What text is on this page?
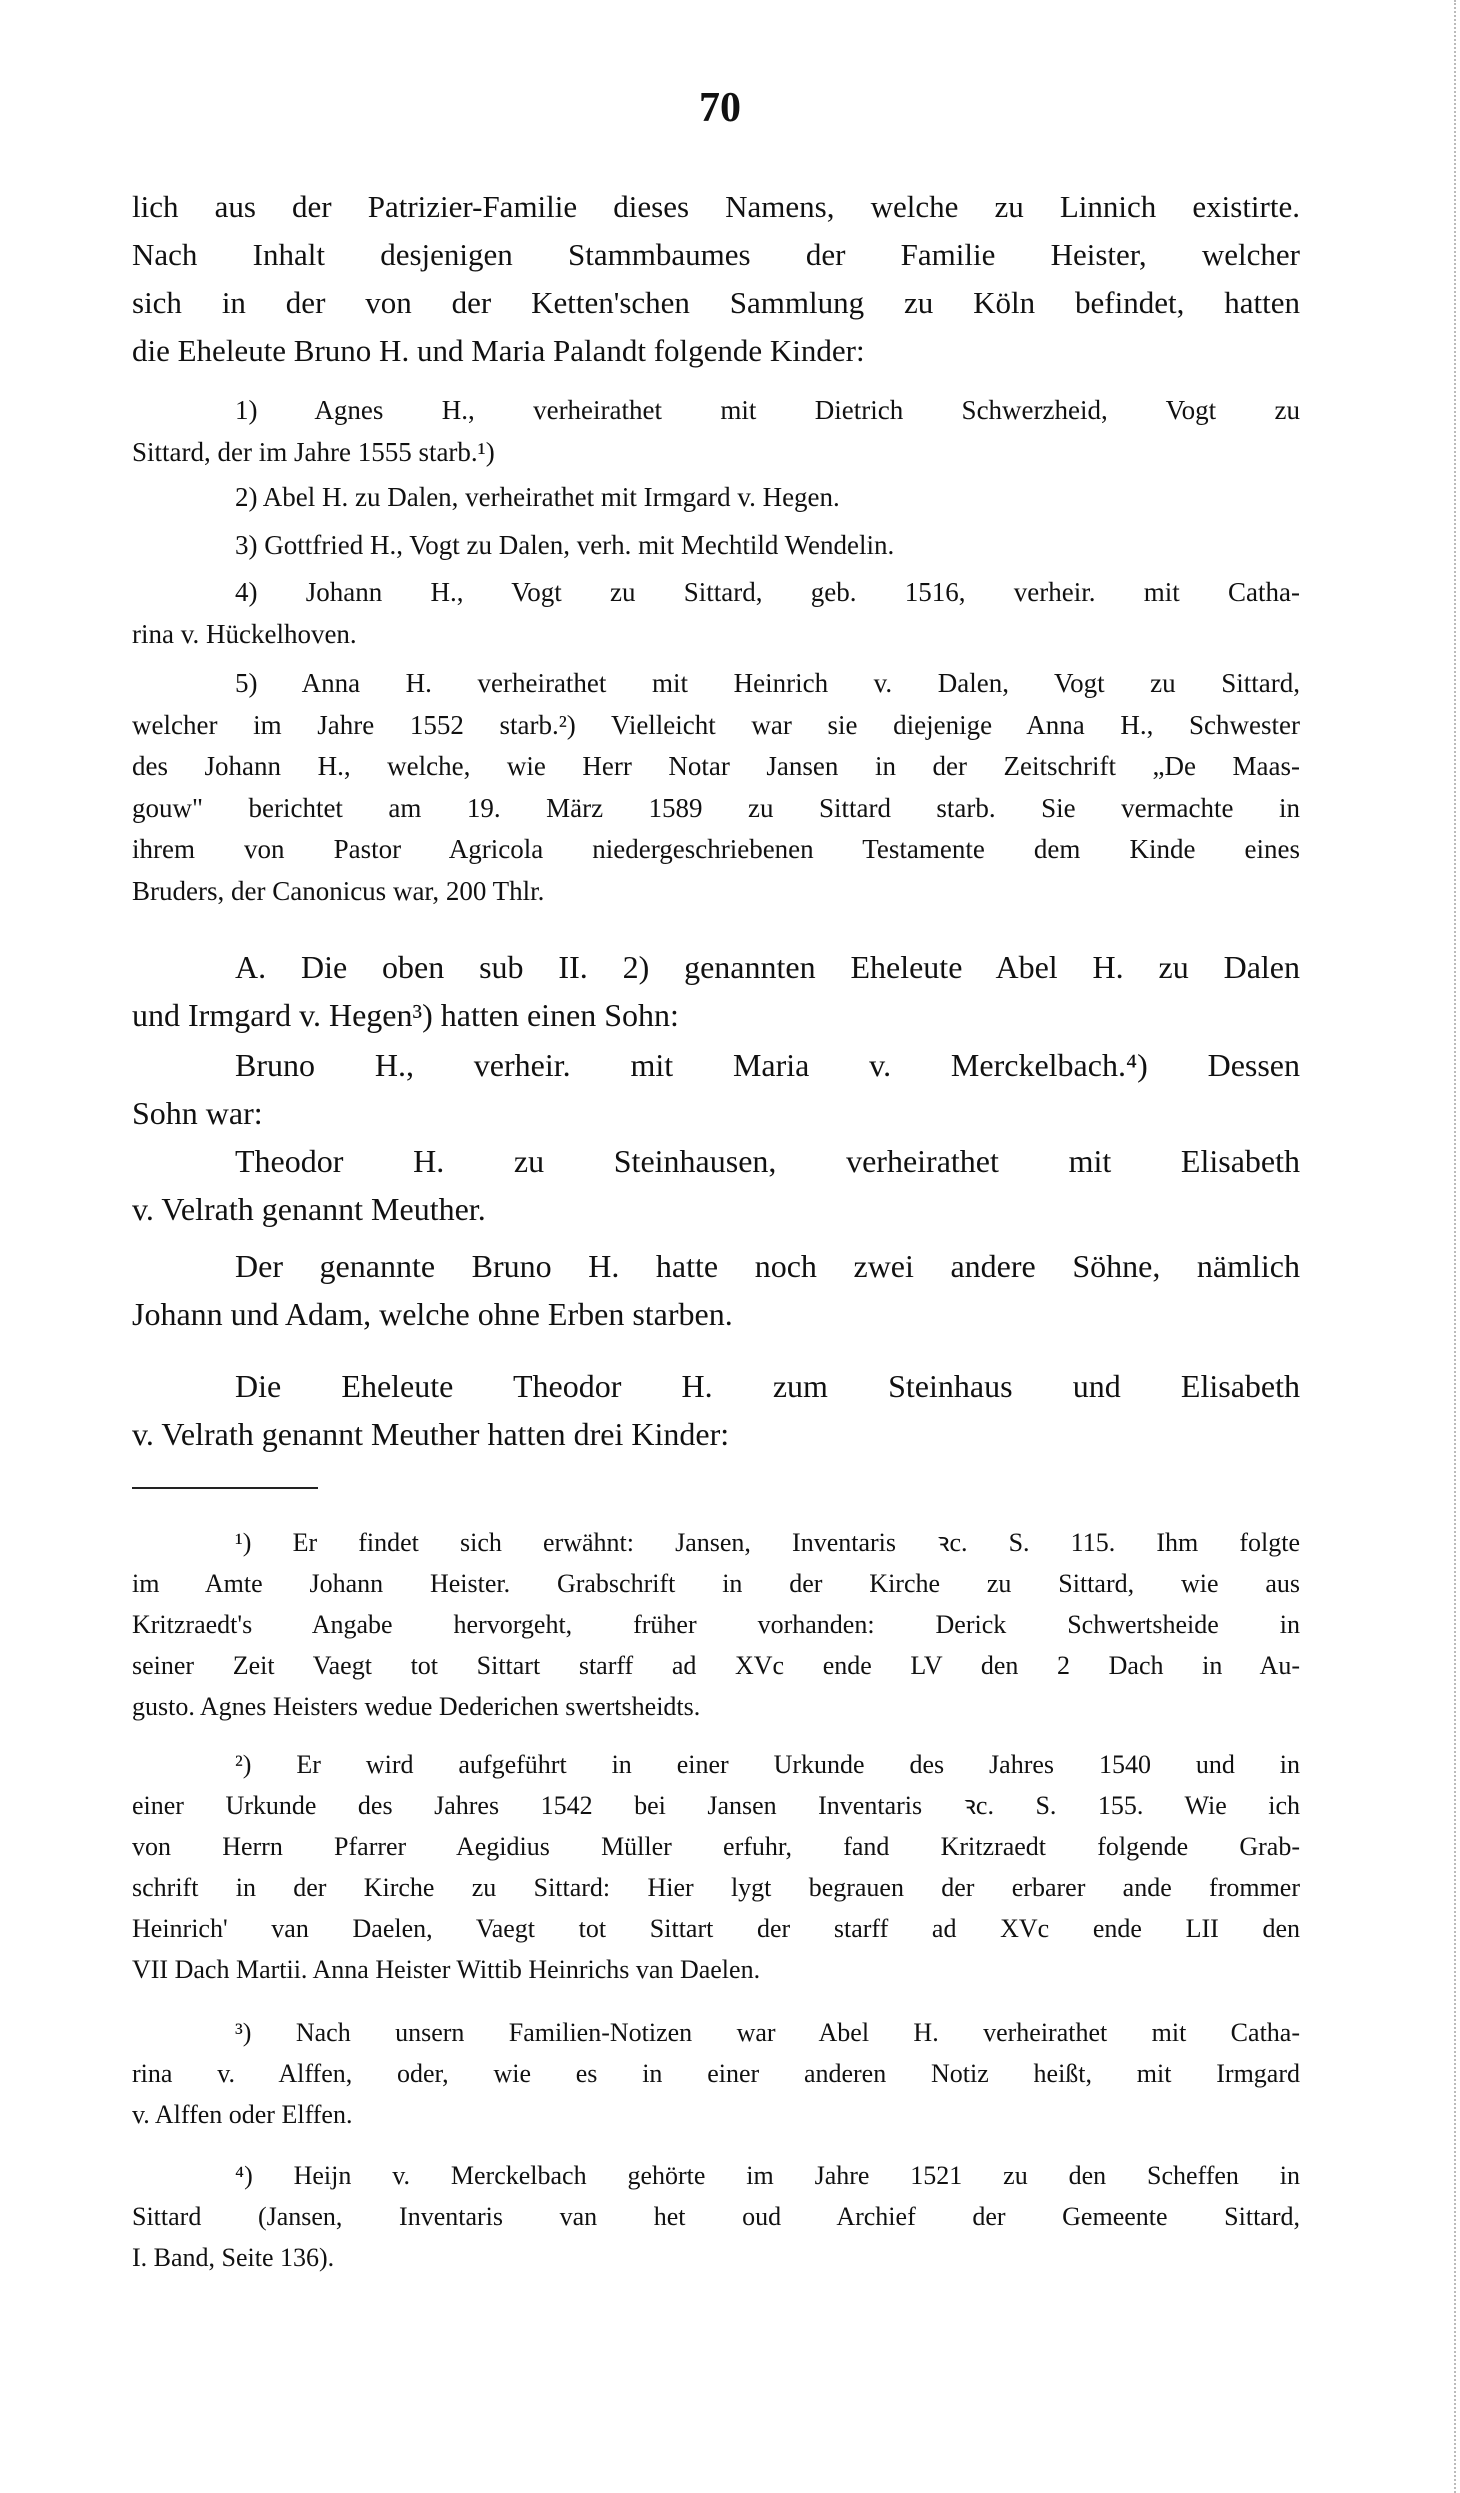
70
lich aus der Patrizier-Familie dieses Namens, welche zu Linnich existirte.
Nach Inhalt desjenigen Stammbaumes der Familie Heister, welcher
sich in der von der Ketten'schen Sammlung zu Köln befindet, hatten
die Eheleute Bruno H. und Maria Palandt folgende Kinder:
1) Agnes H., verheirathet mit Dietrich Schwerzheid, Vogt zu
Sittard, der im Jahre 1555 starb.¹)
2) Abel H. zu Dalen, verheirathet mit Irmgard v. Hegen.
3) Gottfried H., Vogt zu Dalen, verh. mit Mechtild Wendelin.
4) Johann H., Vogt zu Sittard, geb. 1516, verheir. mit Catha-
rina v. Hückelhoven.
5) Anna H. verheirathet mit Heinrich v. Dalen, Vogt zu Sittard,
welcher im Jahre 1552 starb.²) Vielleicht war sie diejenige Anna H., Schwester
des Johann H., welche, wie Herr Notar Jansen in der Zeitschrift „De Maas-
gouw" berichtet am 19. März 1589 zu Sittard starb. Sie vermachte in
ihrem von Pastor Agricola niedergeschriebenen Testamente dem Kinde eines
Bruders, der Canonicus war, 200 Thlr.
A. Die oben sub II. 2) genannten Eheleute Abel H. zu Dalen
und Irmgard v. Hegen³) hatten einen Sohn:
Bruno H., verheir. mit Maria v. Merckelbach.⁴) Dessen
Sohn war:
Theodor H. zu Steinhausen, verheirathet mit Elisabeth
v. Velrath genannt Meuther.
Der genannte Bruno H. hatte noch zwei andere Söhne, nämlich
Johann und Adam, welche ohne Erben starben.
Die Eheleute Theodor H. zum Steinhaus und Elisabeth
v. Velrath genannt Meuther hatten drei Kinder:
¹) Er findet sich erwähnt: Jansen, Inventaris ꝛc. S. 115. Ihm folgte
im Amte Johann Heister. Grabschrift in der Kirche zu Sittard, wie aus
Kritzraedt's Angabe hervorgeht, früher vorhanden: Derick Schwertsheide in
seiner Zeit Vaegt tot Sittart starff ad XVc ende LV den 2 Dach in Au-
gusto. Agnes Heisters wedue Dederichen swertsheidts.
²) Er wird aufgeführt in einer Urkunde des Jahres 1540 und in
einer Urkunde des Jahres 1542 bei Jansen Inventaris ꝛc. S. 155. Wie ich
von Herrn Pfarrer Aegidius Müller erfuhr, fand Kritzraedt folgende Grab-
schrift in der Kirche zu Sittard: Hier lygt begrauen der erbarer ande frommer
Heinrich' van Daelen, Vaegt tot Sittart der starff ad XVc ende LII den
VII Dach Martii. Anna Heister Wittib Heinrichs van Daelen.
³) Nach unsern Familien-Notizen war Abel H. verheirathet mit Catha-
rina v. Alffen, oder, wie es in einer anderen Notiz heißt, mit Irmgard
v. Alffen oder Elffen.
⁴) Heijn v. Merckelbach gehörte im Jahre 1521 zu den Scheffen in
Sittard (Jansen, Inventaris van het oud Archief der Gemeente Sittard,
I. Band, Seite 136).
